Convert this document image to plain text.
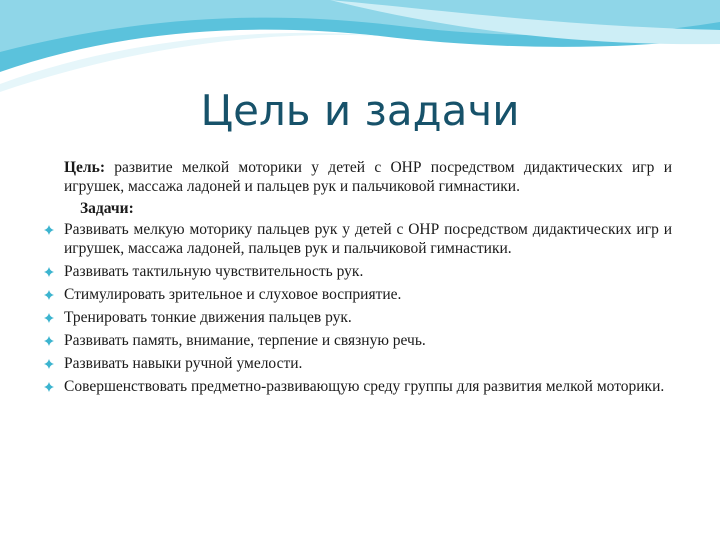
Цель и задачи
Цель: развитие мелкой моторики у детей с ОНР посредством дидактических игр и игрушек, массажа ладоней и пальцев рук и пальчиковой гимнастики.
Задачи:
Развивать мелкую моторику пальцев рук у детей с ОНР посредством дидактических игр и игрушек, массажа ладоней, пальцев рук и пальчиковой гимнастики.
Развивать тактильную чувствительность рук.
Стимулировать зрительное и слуховое восприятие.
Тренировать тонкие движения пальцев рук.
Развивать память, внимание, терпение и связную речь.
Развивать навыки ручной умелости.
Совершенствовать предметно-развивающую среду группы для развития мелкой моторики.
